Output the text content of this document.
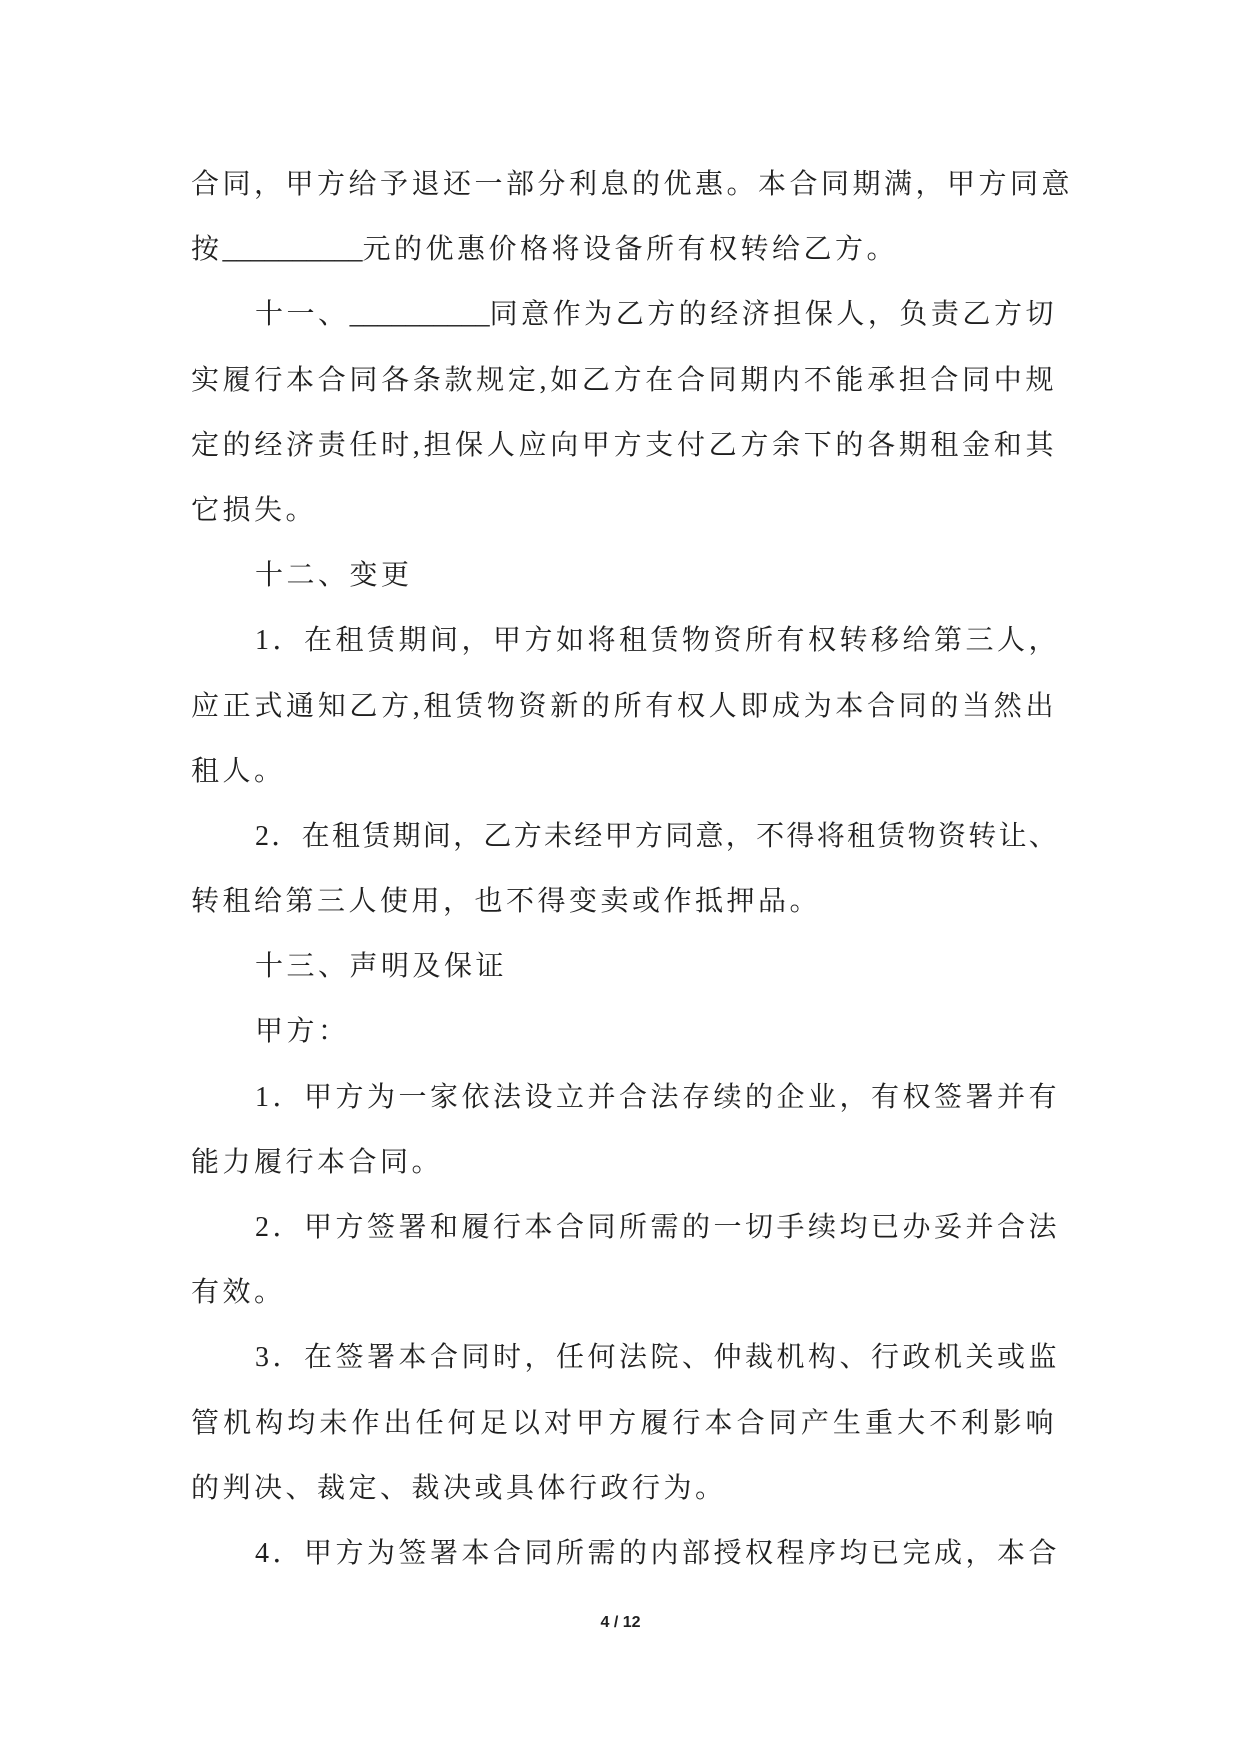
合同，甲方给予退还一部分利息的优惠。本合同期满，甲方同意
按__________元的优惠价格将设备所有权转给乙方。
十一、__________同意作为乙方的经济担保人，负责乙方切
实履行本合同各条款规定,如乙方在合同期内不能承担合同中规
定的经济责任时,担保人应向甲方支付乙方余下的各期租金和其
它损失。
十二、变更
1．在租赁期间，甲方如将租赁物资所有权转移给第三人，
应正式通知乙方,租赁物资新的所有权人即成为本合同的当然出
租人。
2．在租赁期间，乙方未经甲方同意，不得将租赁物资转让、
转租给第三人使用，也不得变卖或作抵押品。
十三、声明及保证
甲方：
1．甲方为一家依法设立并合法存续的企业，有权签署并有
能力履行本合同。
2．甲方签署和履行本合同所需的一切手续均已办妥并合法
有效。
3．在签署本合同时，任何法院、仲裁机构、行政机关或监
管机构均未作出任何足以对甲方履行本合同产生重大不利影响
的判决、裁定、裁决或具体行政行为。
4．甲方为签署本合同所需的内部授权程序均已完成，本合
4 / 12
